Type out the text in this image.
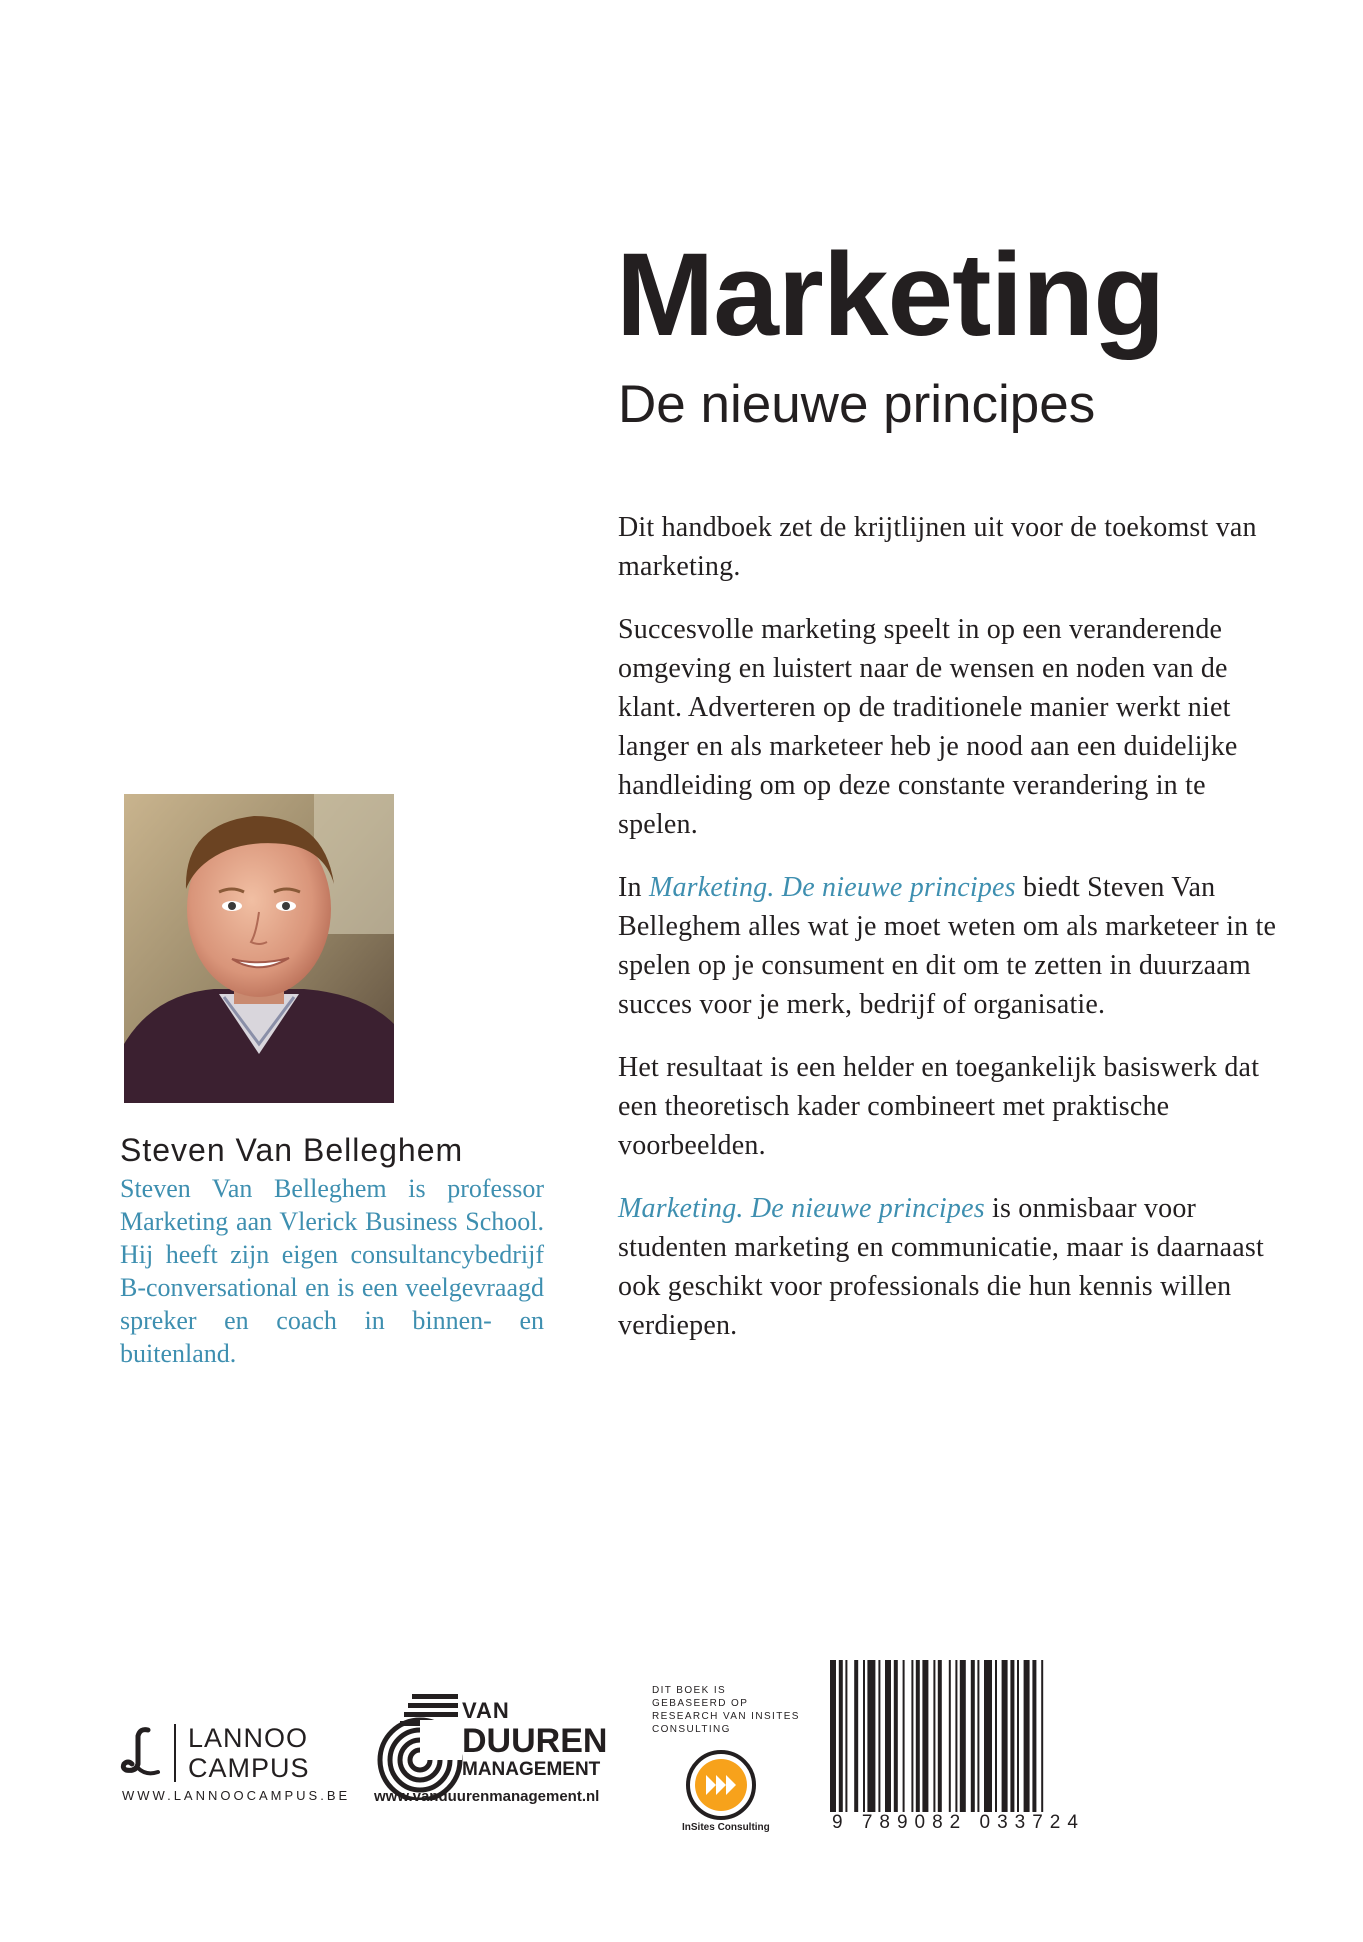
Marketing
De nieuwe principes

Dit handboek zet de krijtlijnen uit voor de toekomst van marketing.

Succesvolle marketing speelt in op een veranderende omgeving en luistert naar de wensen en noden van de klant. Adverteren op de traditionele manier werkt niet langer en als marketeer heb je nood aan een duidelijke handleiding om op deze constante verandering in te spelen.

In Marketing. De nieuwe principes biedt Steven Van Belleghem alles wat je moet weten om als marketeer in te spelen op je consument en dit om te zetten in duurzaam succes voor je merk, bedrijf of organisatie.

Het resultaat is een helder en toegankelijk basiswerk dat een theoretisch kader combineert met praktische voorbeelden.

Marketing. De nieuwe principes is onmisbaar voor studenten marketing en communicatie, maar is daarnaast ook geschikt voor professionals die hun kennis willen verdiepen.

Steven Van Belleghem

Steven Van Belleghem is professor Marketing aan Vlerick Business School. Hij heeft zijn eigen consultancybedrijf B-conversational en is een veelgevraagd spreker en coach in binnen- en buitenland.

LANNOO
CAMPUS
WWW.LANNOOCAMPUS.BE
VAN
DUUREN
MANAGEMENT
www.vanduurenmanagement.nl
DIT BOEK IS GEBASEERD OP RESEARCH VAN INSITES CONSULTING
InSites Consulting	9 789082 033724
